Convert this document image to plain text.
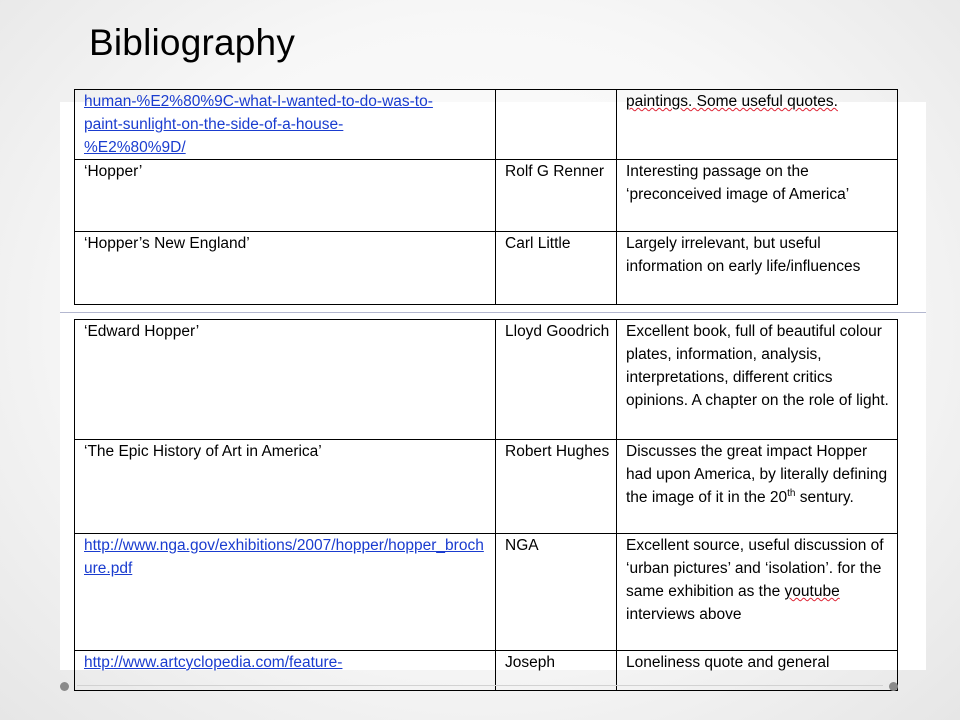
Bibliography
human-%E2%80%9C-what-I-wanted-to-do-was-to-
paint-sunlight-on-the-side-of-a-house-
%E2%80%9D/		paintings. Some useful quotes.
‘Hopper’	Rolf G Renner	Interesting passage on the ‘preconceived image of America’
‘Hopper’s New England’	Carl Little	Largely irrelevant, but useful information on early life/influences
‘Edward Hopper’	Lloyd Goodrich	Excellent book, full of beautiful colour plates, information, analysis, interpretations, different critics opinions. A chapter on the role of light.
‘The Epic History of Art in America’	Robert Hughes	Discusses the great impact Hopper had upon America, by literally defining the image of it in the 20th sentury.
http://www.nga.gov/exhibitions/2007/hopper/hopper_brochure.pdf	NGA	Excellent source, useful discussion of ‘urban pictures’ and ‘isolation’. for the same exhibition as the youtube interviews above
http://www.artcyclopedia.com/feature-	Joseph	Loneliness quote and general
